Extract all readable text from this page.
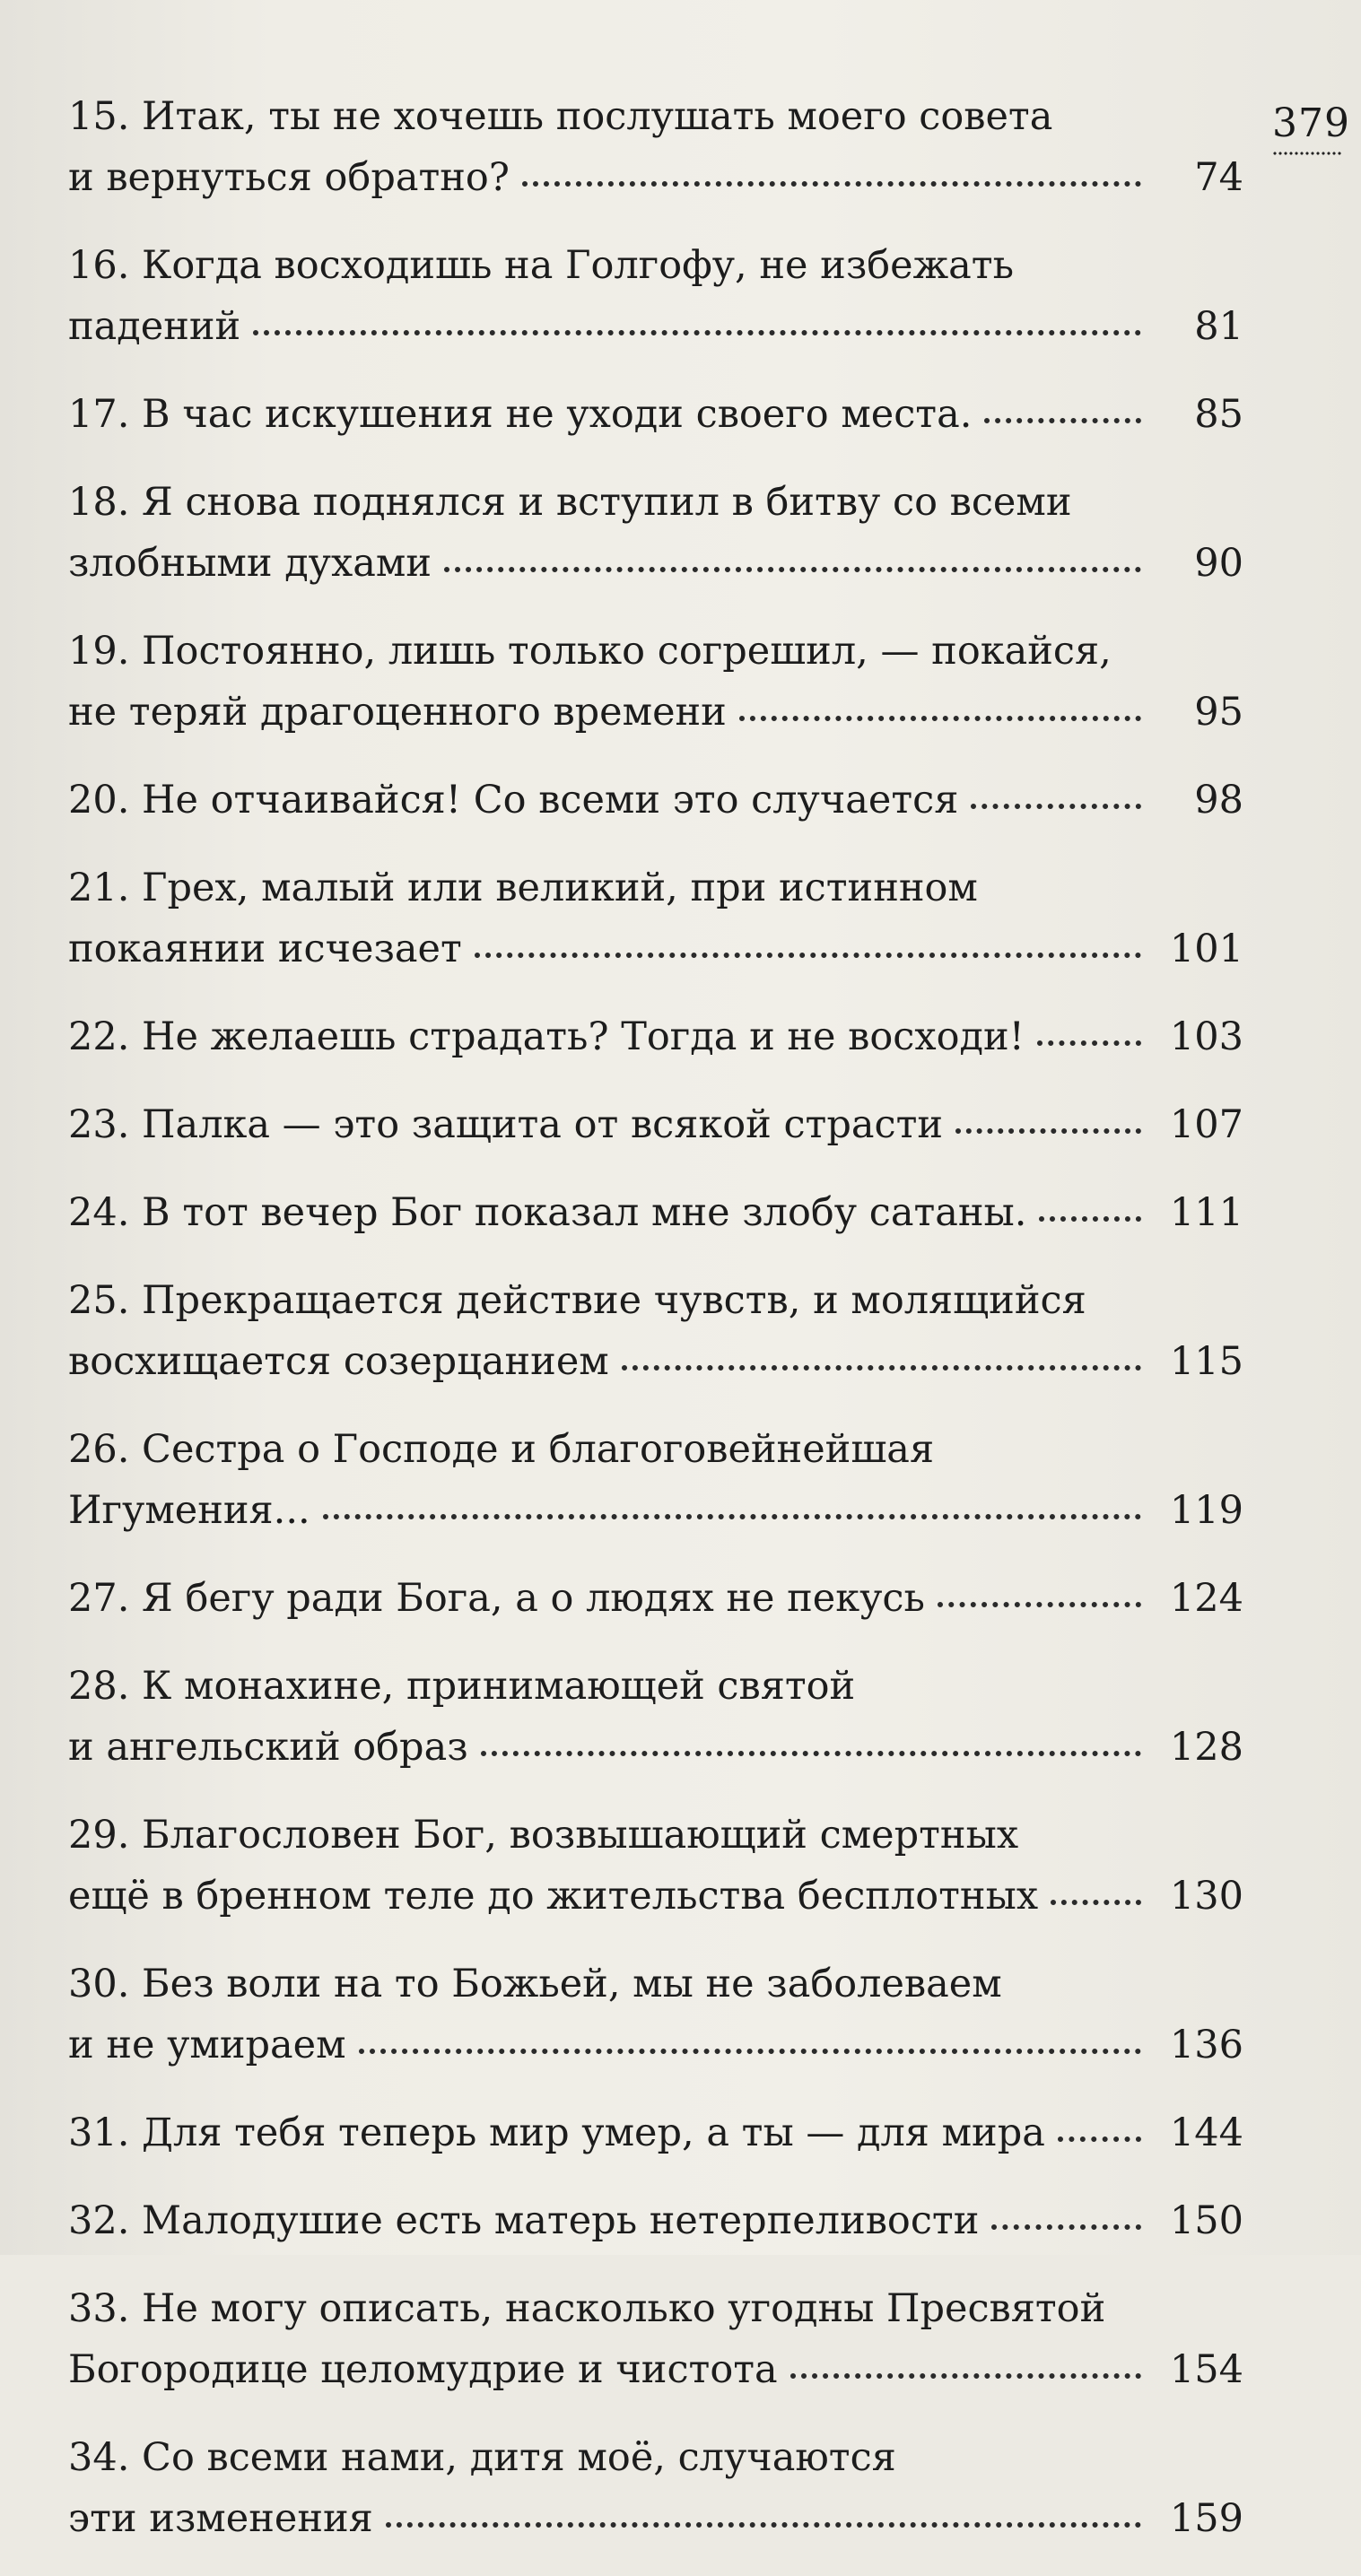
379
15. Итак, ты не хочешь послушать моего совета
и вернуться обратно?	74
16. Когда восходишь на Голгофу, не избежать
падений	81
17. В час искушения не уходи своего места.	85
18. Я снова поднялся и вступил в битву со всеми
злобными духами	90
19. Постоянно, лишь только согрешил, — покайся,
не теряй драгоценного времени	95
20. Не отчаивайся! Со всеми это случается	98
21. Грех, малый или великий, при истинном
покаянии исчезает	101
22. Не желаешь страдать? Тогда и не восходи!	103
23. Палка — это защита от всякой страсти	107
24. В тот вечер Бог показал мне злобу сатаны.	111
25. Прекращается действие чувств, и молящийся
восхищается созерцанием	115
26. Сестра о Господе и благоговейнейшая
Игумения...	119
27. Я бегу ради Бога, а о людях не пекусь	124
28. К монахине, принимающей святой
и ангельский образ	128
29. Благословен Бог, возвышающий смертных
ещё в бренном теле до жительства бесплотных	130
30. Без воли на то Божьей, мы не заболеваем
и не умираем	136
31. Для тебя теперь мир умер, а ты — для мира	144
32. Малодушие есть матерь нетерпеливости	150
33. Не могу описать, насколько угодны Пресвятой
Богородице целомудрие и чистота	154
34. Со всеми нами, дитя моё, случаются
эти изменения	159
